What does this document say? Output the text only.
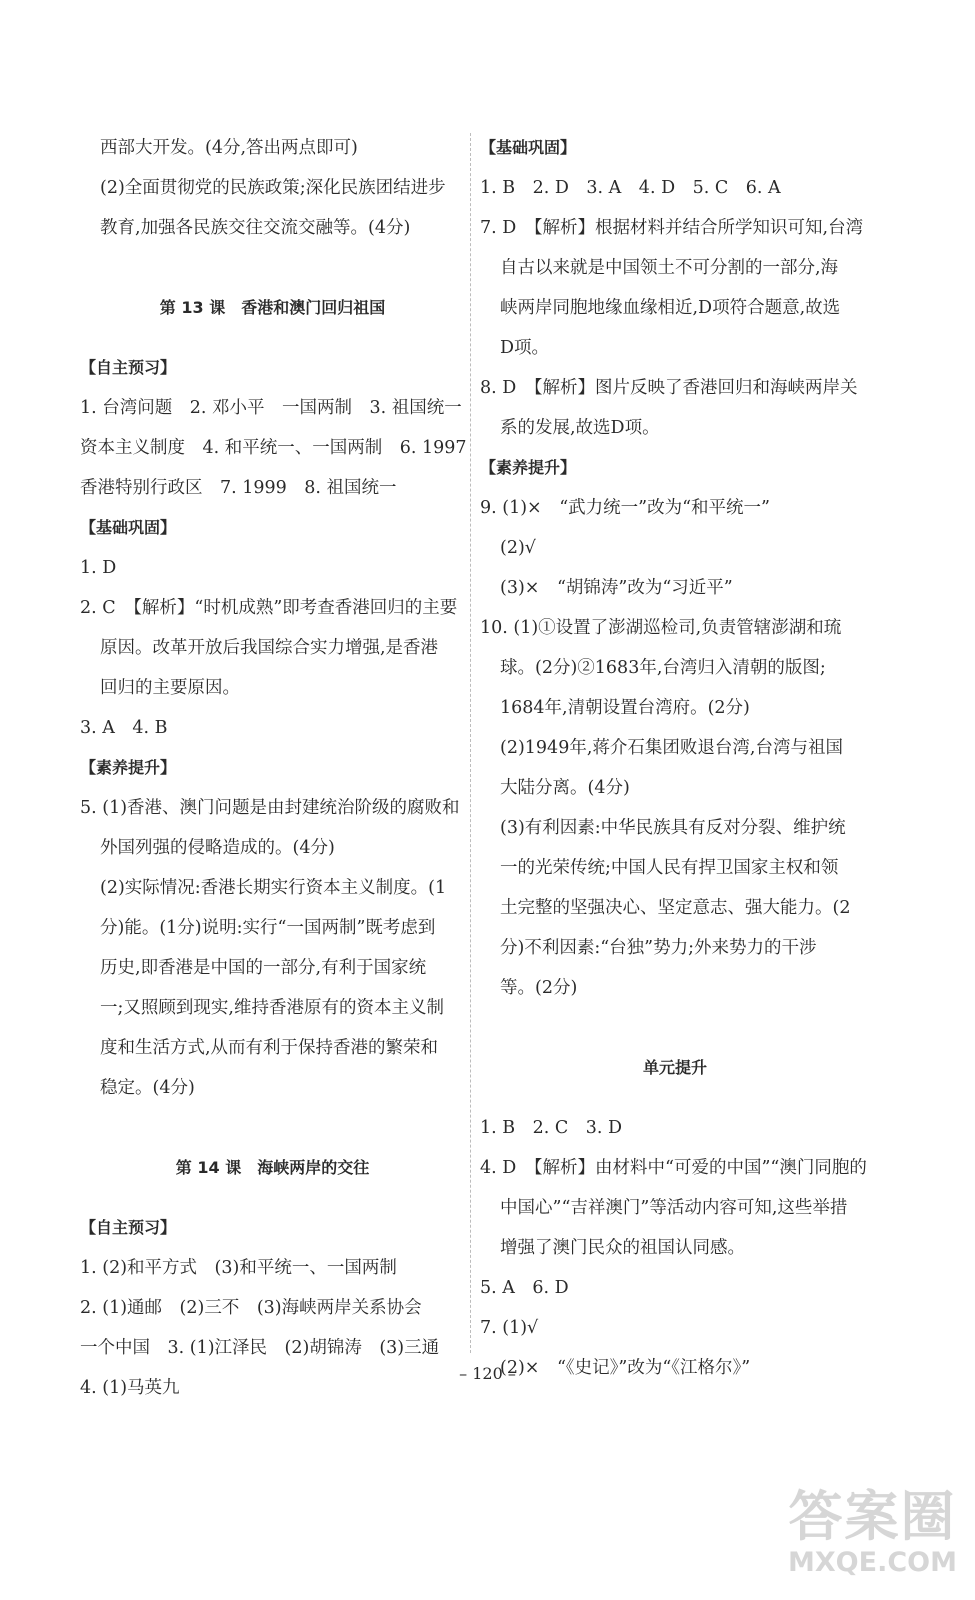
西部大开发。(4分,答出两点即可)
(2)全面贯彻党的民族政策;深化民族团结进步
教育,加强各民族交往交流交融等。(4分)
第 13 课　香港和澳门回归祖国
【自主预习】
1. 台湾问题　2. 邓小平　一国两制　3. 祖国统一
资本主义制度　4. 和平统一、一国两制　6. 1997
香港特别行政区　7. 1999　8. 祖国统一
【基础巩固】
1. D
2. C　【解析】“时机成熟”即考查香港回归的主要
原因。改革开放后我国综合实力增强,是香港
回归的主要原因。
3. A　4. B
【素养提升】
5. (1)香港、澳门问题是由封建统治阶级的腐败和
外国列强的侵略造成的。(4分)
(2)实际情况:香港长期实行资本主义制度。(1
分)能。(1分)说明:实行“一国两制”既考虑到
历史,即香港是中国的一部分,有利于国家统
一;又照顾到现实,维持香港原有的资本主义制
度和生活方式,从而有利于保持香港的繁荣和
稳定。(4分)
第 14 课　海峡两岸的交往
【自主预习】
1. (2)和平方式　(3)和平统一、一国两制
2. (1)通邮　(2)三不　(3)海峡两岸关系协会
一个中国　3. (1)江泽民　(2)胡锦涛　(3)三通
4. (1)马英九
【基础巩固】
1. B　2. D　3. A　4. D　5. C　6. A
7. D　【解析】根据材料并结合所学知识可知,台湾
自古以来就是中国领土不可分割的一部分,海
峡两岸同胞地缘血缘相近,D项符合题意,故选
D项。
8. D　【解析】图片反映了香港回归和海峡两岸关
系的发展,故选D项。
【素养提升】
9. (1)×　“武力统一”改为“和平统一”
(2)√
(3)×　“胡锦涛”改为“习近平”
10. (1)①设置了澎湖巡检司,负责管辖澎湖和琉
球。(2分)②1683年,台湾归入清朝的版图;
1684年,清朝设置台湾府。(2分)
(2)1949年,蒋介石集团败退台湾,台湾与祖国
大陆分离。(4分)
(3)有利因素:中华民族具有反对分裂、维护统
一的光荣传统;中国人民有捍卫国家主权和领
土完整的坚强决心、坚定意志、强大能力。(2
分)不利因素:“台独”势力;外来势力的干涉
等。(2分)
单元提升
1. B　2. C　3. D
4. D　【解析】由材料中“可爱的中国”“澳门同胞的
中国心”“吉祥澳门”等活动内容可知,这些举措
增强了澳门民众的祖国认同感。
5. A　6. D
7. (1)√
(2)×　“《史记》”改为“《江格尔》”
– 120 –
答案圈
MXQE.COM
